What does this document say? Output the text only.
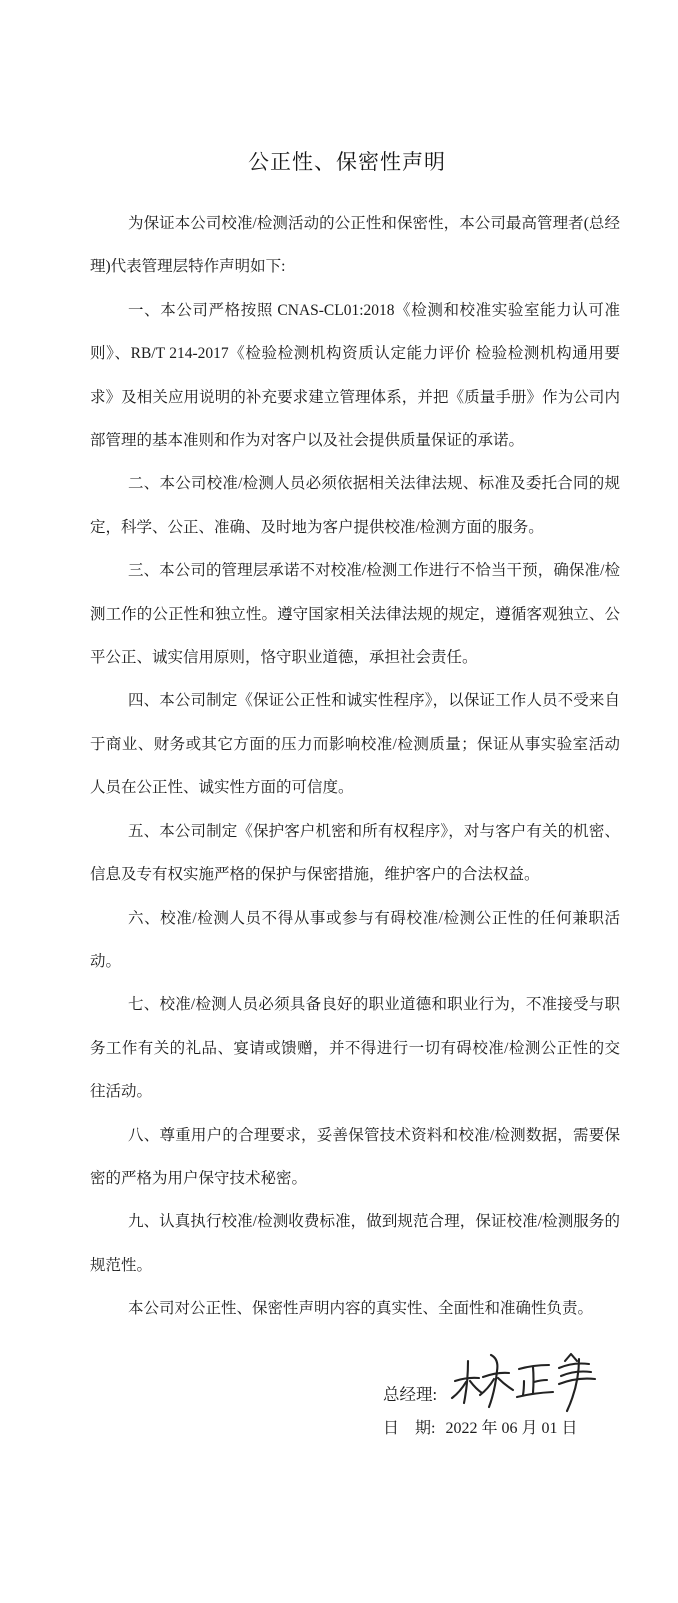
公正性、保密性声明

为保证本公司校准/检测活动的公正性和保密性，本公司最高管理者(总经理)代表管理层特作声明如下:

一、本公司严格按照 CNAS-CL01:2018《检测和校准实验室能力认可准则》、RB/T 214-2017《检验检测机构资质认定能力评价 检验检测机构通用要求》及相关应用说明的补充要求建立管理体系，并把《质量手册》作为公司内部管理的基本准则和作为对客户以及社会提供质量保证的承诺。

二、本公司校准/检测人员必须依据相关法律法规、标准及委托合同的规定，科学、公正、准确、及时地为客户提供校准/检测方面的服务。

三、本公司的管理层承诺不对校准/检测工作进行不恰当干预，确保准/检测工作的公正性和独立性。遵守国家相关法律法规的规定，遵循客观独立、公平公正、诚实信用原则，恪守职业道德，承担社会责任。

四、本公司制定《保证公正性和诚实性程序》，以保证工作人员不受来自于商业、财务或其它方面的压力而影响校准/检测质量；保证从事实验室活动人员在公正性、诚实性方面的可信度。

五、本公司制定《保护客户机密和所有权程序》，对与客户有关的机密、信息及专有权实施严格的保护与保密措施，维护客户的合法权益。

六、校准/检测人员不得从事或参与有碍校准/检测公正性的任何兼职活动。

七、校准/检测人员必须具备良好的职业道德和职业行为，不准接受与职务工作有关的礼品、宴请或馈赠，并不得进行一切有碍校准/检测公正性的交往活动。

八、尊重用户的合理要求，妥善保管技术资料和校准/检测数据，需要保密的严格为用户保守技术秘密。

九、认真执行校准/检测收费标准，做到规范合理，保证校准/检测服务的规范性。

本公司对公正性、保密性声明内容的真实性、全面性和准确性负责。

总经理:
日　期: 2022 年 06 月 01 日
